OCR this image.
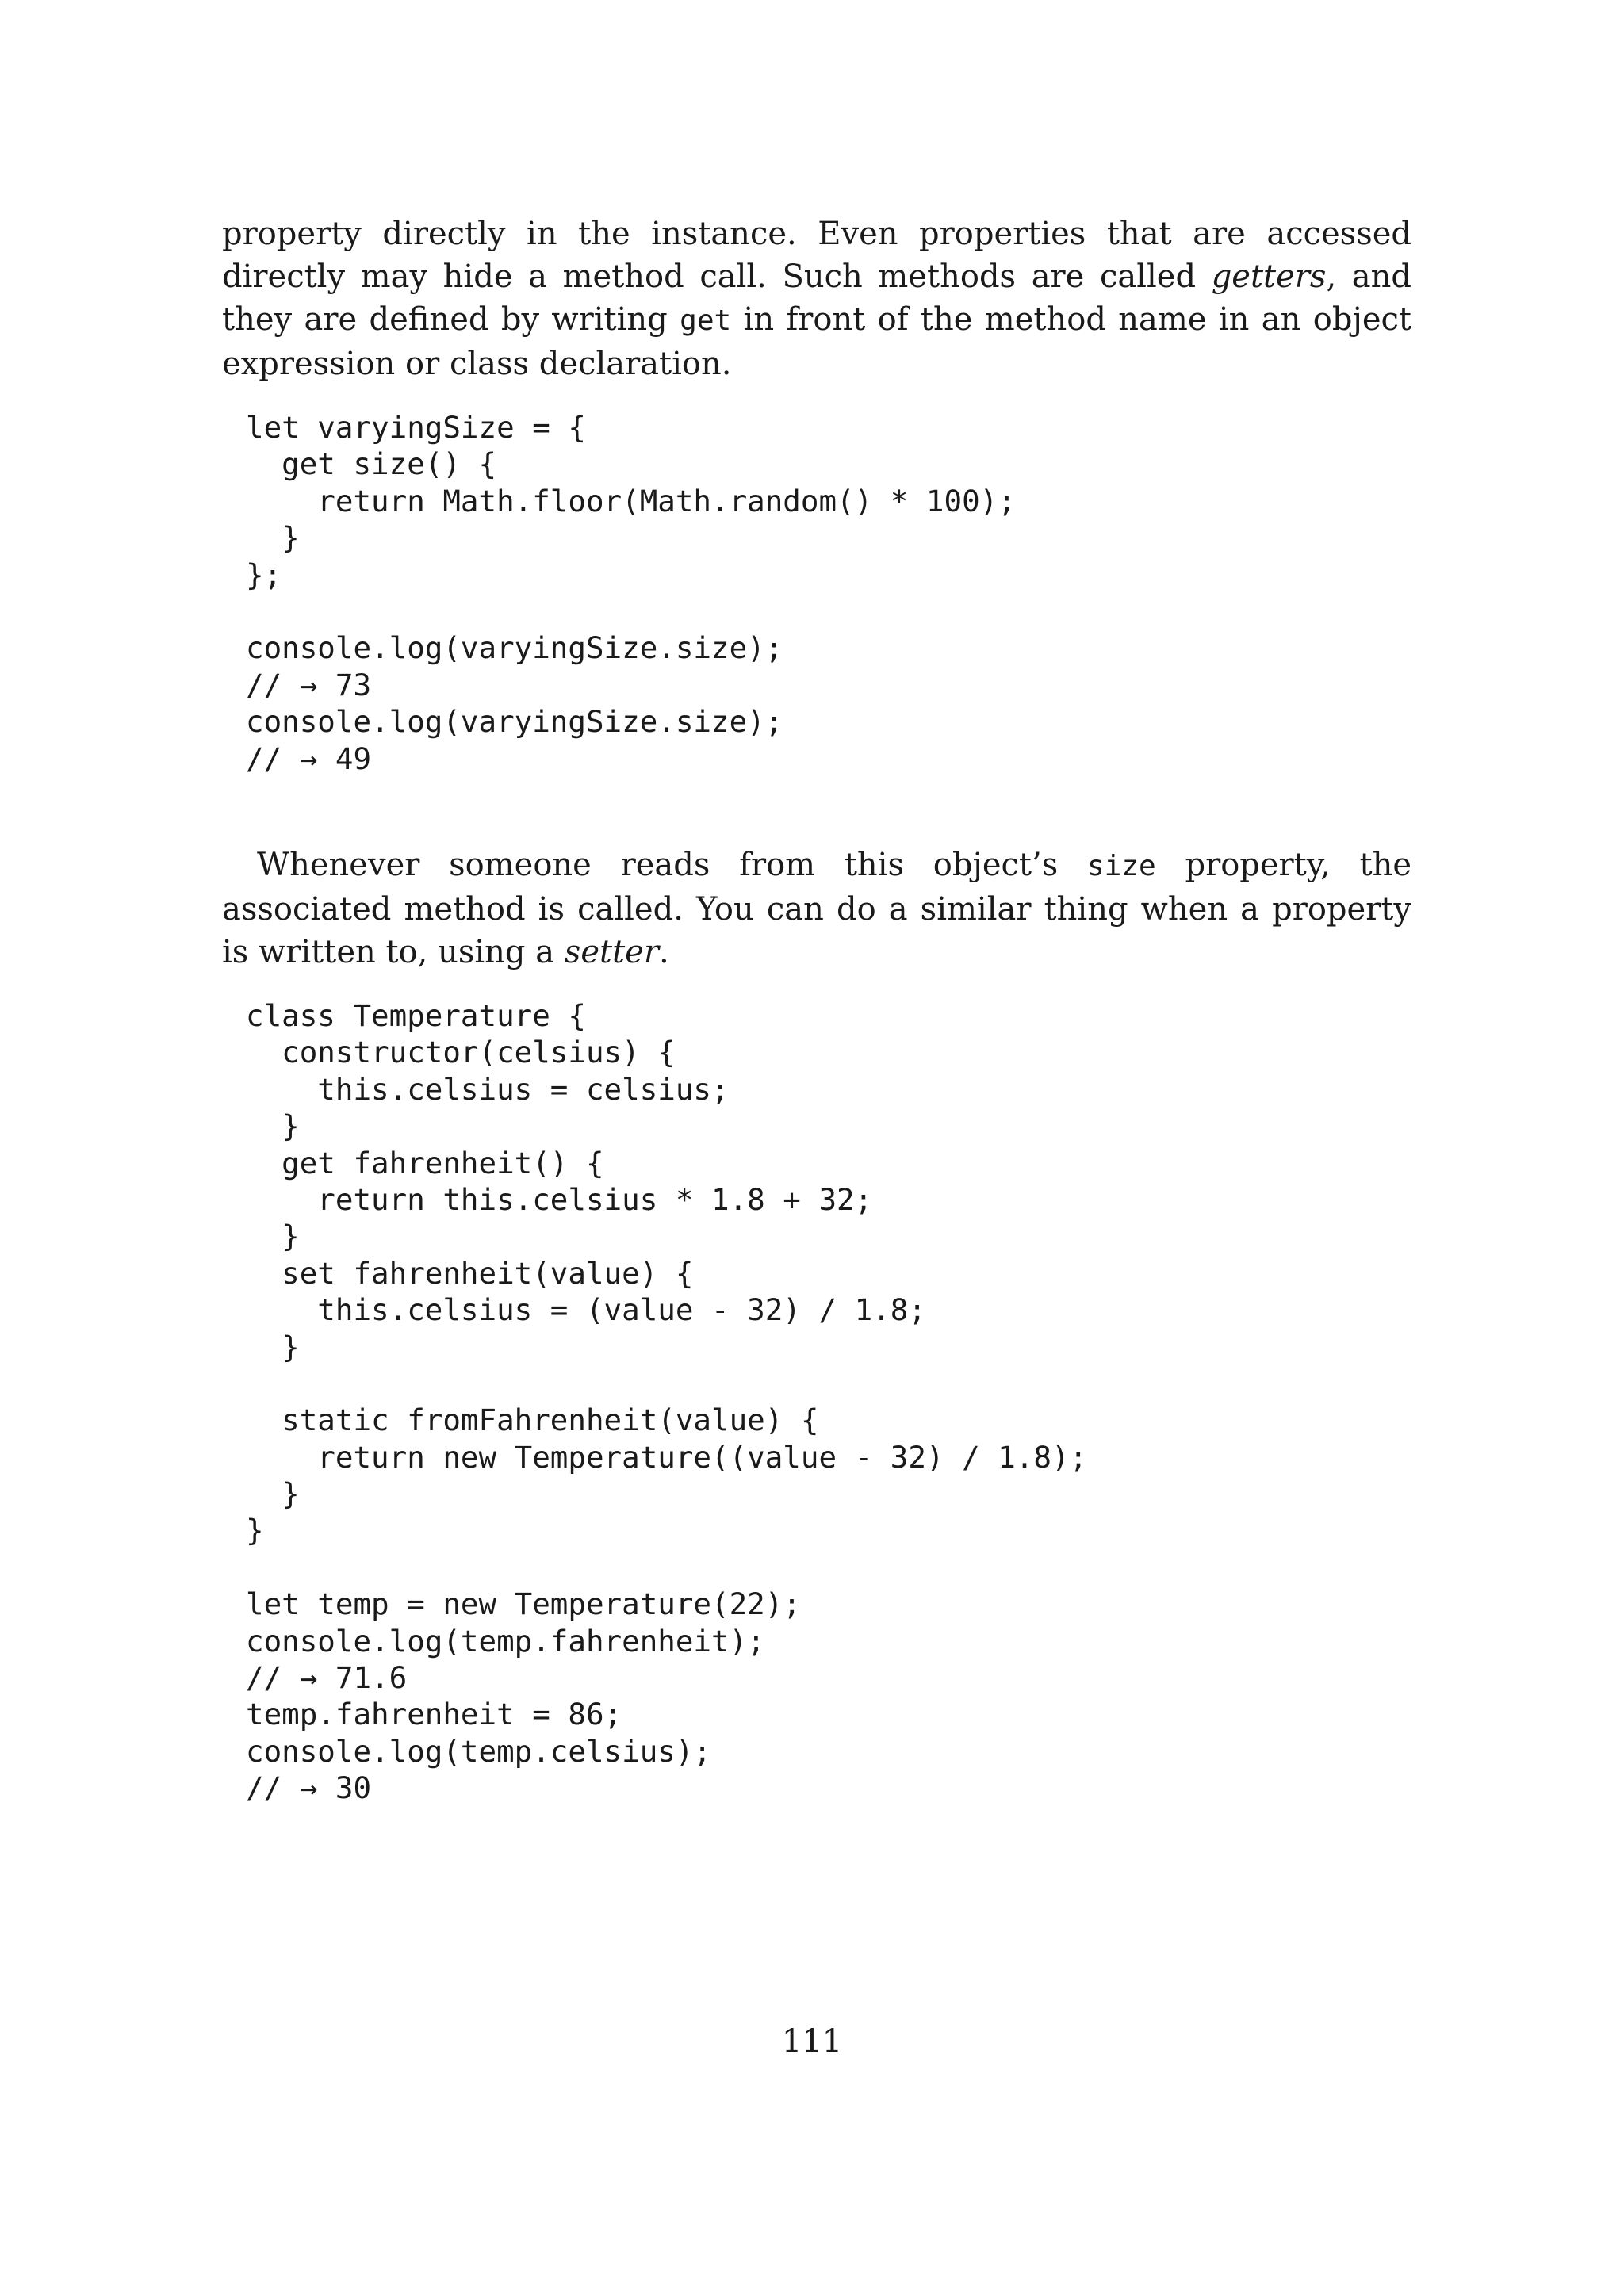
property directly in the instance. Even properties that are accessed directly may hide a method call. Such methods are called getters, and they are defined by writing get in front of the method name in an object expression or class declaration.

let varyingSize = {
get size() {
return Math.floor(Math.random() * 100);
}
};
console.log(varyingSize.size);
// → 73
console.log(varyingSize.size);
// → 49

Whenever someone reads from this object’s size property, the associated method is called. You can do a similar thing when a property is written to, using a setter.

class Temperature {
constructor(celsius) {
this.celsius = celsius;
}
get fahrenheit() {
return this.celsius * 1.8 + 32;
}
set fahrenheit(value) {
this.celsius = (value - 32) / 1.8;
}
static fromFahrenheit(value) {
return new Temperature((value - 32) / 1.8);
}
}
let temp = new Temperature(22);
console.log(temp.fahrenheit);
// → 71.6
temp.fahrenheit = 86;
console.log(temp.celsius);
// → 30
111
